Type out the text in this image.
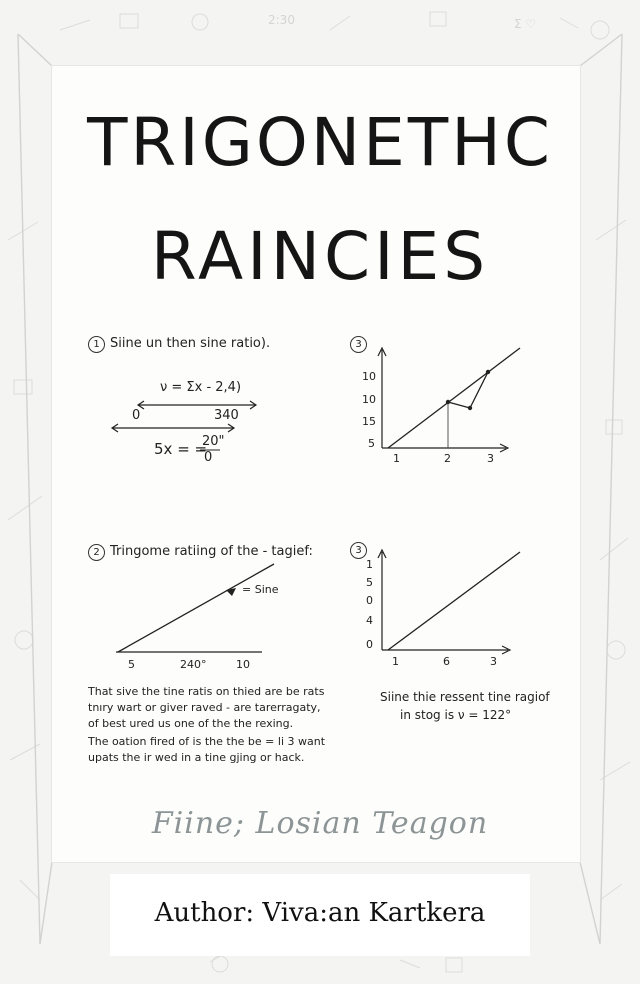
2:30	Σ ♡
TRIGONETHC
RAINCIES
1 Siine un then sine ratio).
ν = Σx - 2,4)
0	340
5x = =
20"
0
3
10
10
15
5
1	2	3
2 Tringome ratiing of the - tagief:
= Sine
5	240°	10
That sive the tine ratis on thied are be rats
tnıry wart or giver raved - are tarerragaty,
of best ured us one of the the rexing.
The oation fired of is the the be = li 3 want
upats the ir wed in a tine gjing or hack.
3
1
5
0
4
0
1	6	3
Siine thie ressent tine ragiof
in stog is ν = 122°
Fiine; Losian Teagon
Author: Viva:an Kartkera
